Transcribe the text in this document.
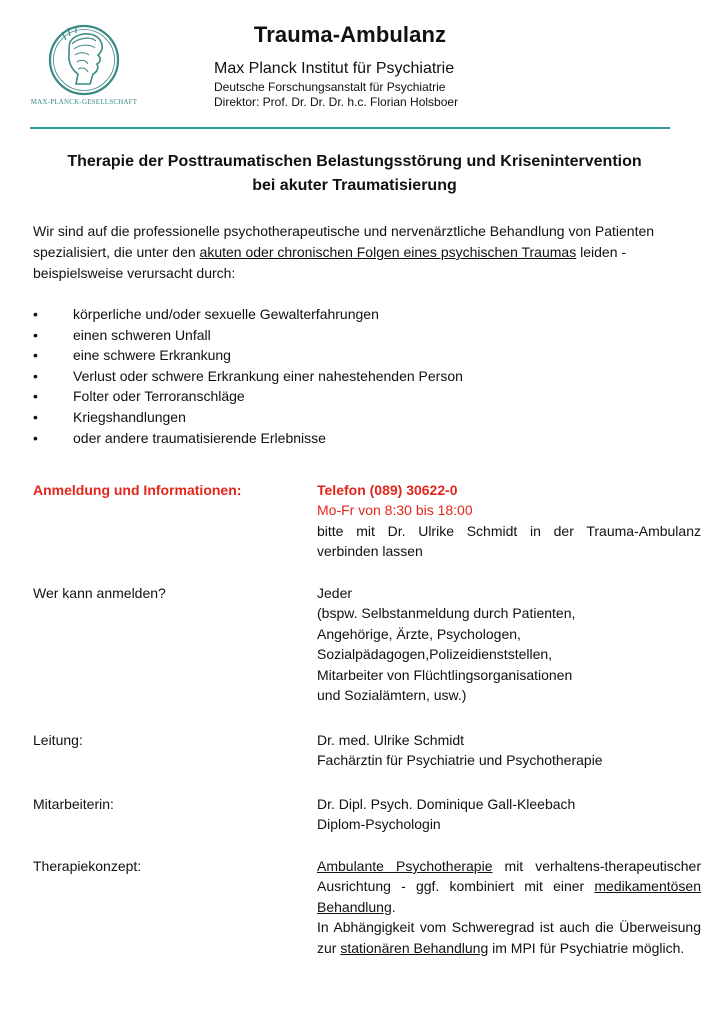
MAX-PLANCK-GESELLSCHAFT
Trauma-Ambulanz
Max Planck Institut für Psychiatrie
Deutsche Forschungsanstalt für Psychiatrie
Direktor: Prof. Dr. Dr. Dr. h.c. Florian Holsboer
Therapie der Posttraumatischen Belastungsstörung und Krisenintervention
bei akuter Traumatisierung
Wir sind auf die professionelle psychotherapeutische und nervenärztliche Behandlung von Patienten spezialisiert, die unter den akuten oder chronischen Folgen eines psychischen Traumas leiden -beispielsweise verursacht durch:
•	körperliche und/oder sexuelle Gewalterfahrungen
•	einen schweren Unfall
•	eine schwere Erkrankung
•	Verlust oder schwere Erkrankung einer nahestehenden Person
•	Folter oder Terroranschläge
•	Kriegshandlungen
•	oder andere traumatisierende Erlebnisse
Anmeldung und Informationen:	Telefon (089) 30622-0
Mo-Fr von 8:30 bis 18:00
bitte mit Dr. Ulrike Schmidt in der Trauma-Ambulanz verbinden lassen
Wer kann anmelden?	Jeder
(bspw. Selbstanmeldung durch Patienten,
Angehörige, Ärzte, Psychologen,
Sozialpädagogen,Polizeidienststellen,
Mitarbeiter von Flüchtlingsorganisationen
und Sozialämtern, usw.)
Leitung:	Dr. med. Ulrike Schmidt
Fachärztin für Psychiatrie und Psychotherapie
Mitarbeiterin:	Dr. Dipl. Psych. Dominique Gall-Kleebach
Diplom-Psychologin
Therapiekonzept:	Ambulante Psychotherapie mit verhaltens-therapeutischer Ausrichtung - ggf. kombiniert mit einer medikamentösen Behandlung.
In Abhängigkeit vom Schweregrad ist auch die Überweisung zur stationären Behandlung im MPI für Psychiatrie möglich.
